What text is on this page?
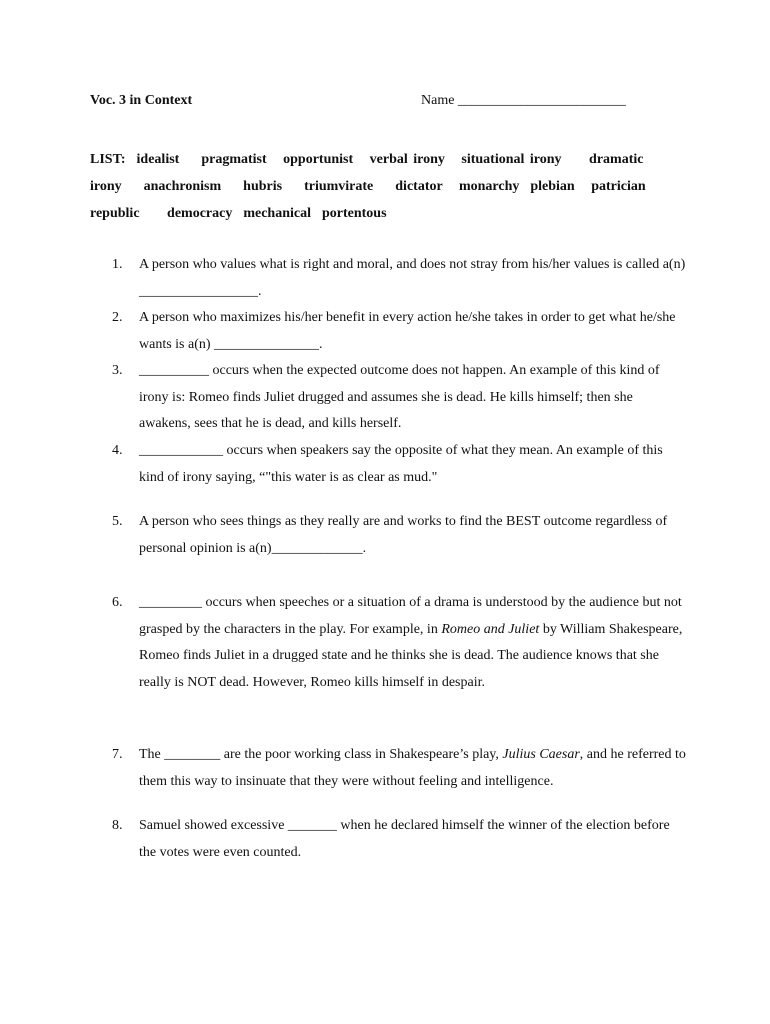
Voc. 3 in Context	Name ________________________
LIST:  idealist    pragmatist   opportunist   verbal irony   situational irony     dramatic
irony    anachronism    hubris    triumvirate    dictator   monarchy  plebian   patrician
republic     democracy  mechanical  portentous
1.	A person who values what is right and moral, and does not stray from his/her values is called a(n) _________________.
2.	A person who maximizes his/her benefit in every action he/she takes in order to get what he/she wants is a(n) _______________.
3.	__________ occurs when the expected outcome does not happen. An example of this kind of irony is: Romeo finds Juliet drugged and assumes she is dead. He kills himself; then she awakens, sees that he is dead, and kills herself.
4.	____________ occurs when speakers say the opposite of what they mean. An example of this kind of irony saying, “"this water is as clear as mud."
5.	A person who sees things as they really are and works to find the BEST outcome regardless of personal opinion is a(n)_____________.
6.	_________ occurs when speeches or a situation of a drama is understood by the audience but not grasped by the characters in the play. For example, in Romeo and Juliet by William Shakespeare, Romeo finds Juliet in a drugged state and he thinks she is dead. The audience knows that she really is NOT dead. However, Romeo kills himself in despair.
7.	The ________ are the poor working class in Shakespeare’s play, Julius Caesar, and he referred to them this way to insinuate that they were without feeling and intelligence.
8.	Samuel showed excessive _______ when he declared himself the winner of the election before the votes were even counted.
